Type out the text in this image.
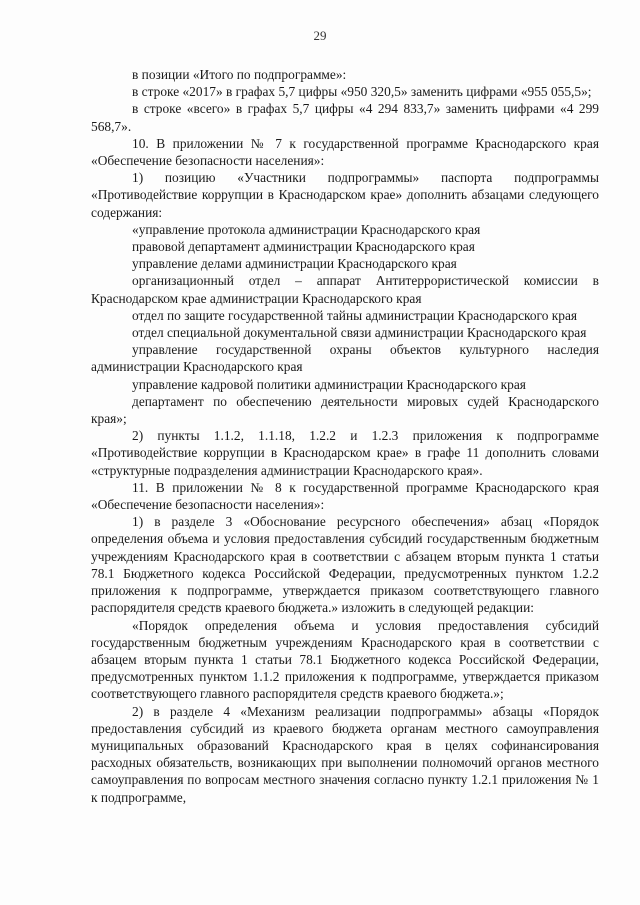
29

в позиции «Итого по подпрограмме»:

в строке «2017» в графах 5,7 цифры «950 320,5» заменить цифрами «955 055,5»;

в строке «всего» в графах 5,7 цифры «4 294 833,7» заменить цифрами «4 299 568,7».

10. В приложении № 7 к государственной программе Краснодарского края «Обеспечение безопасности населения»:

1) позицию «Участники подпрограммы» паспорта подпрограммы «Противодействие коррупции в Краснодарском крае» дополнить абзацами следующего содержания:

«управление протокола администрации Краснодарского края

правовой департамент администрации Краснодарского края

управление делами администрации Краснодарского края

организационный отдел – аппарат Антитеррористической комиссии в Краснодарском крае администрации Краснодарского края

отдел по защите государственной тайны администрации Краснодарского края

отдел специальной документальной связи администрации Краснодарского края

управление государственной охраны объектов культурного наследия администрации Краснодарского края

управление кадровой политики администрации Краснодарского края

департамент по обеспечению деятельности мировых судей Краснодарского края»;

2) пункты 1.1.2, 1.1.18, 1.2.2 и 1.2.3 приложения к подпрограмме «Противодействие коррупции в Краснодарском крае» в графе 11 дополнить словами «структурные подразделения администрации Краснодарского края».

11. В приложении № 8 к государственной программе Краснодарского края «Обеспечение безопасности населения»:

1) в разделе 3 «Обоснование ресурсного обеспечения» абзац «Порядок определения объема и условия предоставления субсидий государственным бюджетным учреждениям Краснодарского края в соответствии с абзацем вторым пункта 1 статьи 78.1 Бюджетного кодекса Российской Федерации, предусмотренных пунктом 1.2.2 приложения к подпрограмме, утверждается приказом соответствующего главного распорядителя средств краевого бюджета.» изложить в следующей редакции:

«Порядок определения объема и условия предоставления субсидий государственным бюджетным учреждениям Краснодарского края в соответствии с абзацем вторым пункта 1 статьи 78.1 Бюджетного кодекса Российской Федерации, предусмотренных пунктом 1.1.2 приложения к подпрограмме, утверждается приказом соответствующего главного распорядителя средств краевого бюджета.»;

2) в разделе 4 «Механизм реализации подпрограммы» абзацы «Порядок предоставления субсидий из краевого бюджета органам местного самоуправления муниципальных образований Краснодарского края в целях софинансирования расходных обязательств, возникающих при выполнении полномочий органов местного самоуправления по вопросам местного значения согласно пункту 1.2.1 приложения № 1 к подпрограмме,
